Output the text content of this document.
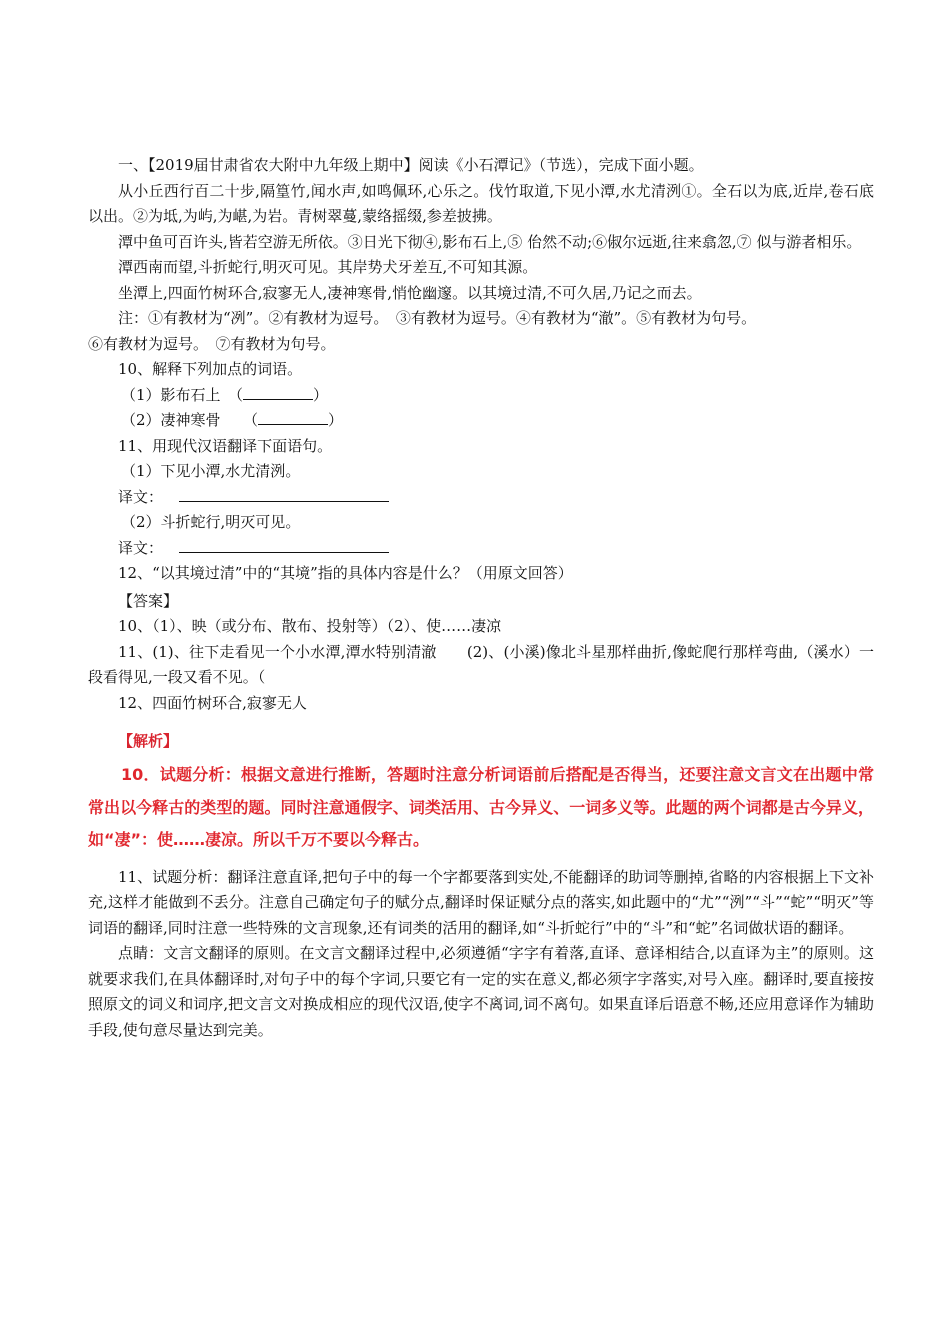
一、【2019届甘肃省农大附中九年级上期中】阅读《小石潭记》（节选），完成下面小题。

从小丘西行百二十步,隔篁竹,闻水声,如鸣佩环,心乐之。伐竹取道,下见小潭,水尤清洌①。全石以为底,近岸,卷石底以出。②为坻,为屿,为嵁,为岩。青树翠蔓,蒙络摇缀,参差披拂。

潭中鱼可百许头,皆若空游无所依。③日光下彻④,影布石上,⑤ 佁然不动;⑥俶尔远逝,往来翕忽,⑦ 似与游者相乐。

潭西南而望,斗折蛇行,明灭可见。其岸势犬牙差互,不可知其源。

坐潭上,四面竹树环合,寂寥无人,凄神寒骨,悄怆幽邃。以其境过清,不可久居,乃记之而去。

注：①有教材为“冽”。②有教材为逗号。　③有教材为逗号。④有教材为“澈”。⑤有教材为句号。

⑥有教材为逗号。　⑦有教材为句号。

10、解释下列加点的词语。

（1）影布石上　（	）

（2）凄神寒骨　　（	）

11、用现代汉语翻译下面语句。

（1）下见小潭,水尤清洌。

译文：

（2）斗折蛇行,明灭可见。

译文：

12、“以其境过清”中的“其境”指的具体内容是什么？（用原文回答）

【答案】

10、（1）、映（或分布、散布、投射等）（2）、使……凄凉

11、(1)、往下走看见一个小水潭,潭水特别清澈　　(2)、(小溪)像北斗星那样曲折,像蛇爬行那样弯曲,（溪水）一段看得见,一段又看不见。（

12、四面竹树环合,寂寥无人

【解析】

10．试题分析：根据文意进行推断，答题时注意分析词语前后搭配是否得当，还要注意文言文在出题中常常出以今释古的类型的题。同时注意通假字、词类活用、古今异义、一词多义等。此题的两个词都是古今异义，如“凄”：使……凄凉。所以千万不要以今释古。

11、试题分析：翻译注意直译,把句子中的每一个字都要落到实处,不能翻译的助词等删掉,省略的内容根据上下文补充,这样才能做到不丢分。注意自己确定句子的赋分点,翻译时保证赋分点的落实,如此题中的“尤”“洌”“斗”“蛇”“明灭”等词语的翻译,同时注意一些特殊的文言现象,还有词类的活用的翻译,如“斗折蛇行”中的“斗”和“蛇”名词做状语的翻译。

点睛：文言文翻译的原则。在文言文翻译过程中,必须遵循“字字有着落,直译、意译相结合,以直译为主”的原则。这就要求我们,在具体翻译时,对句子中的每个字词,只要它有一定的实在意义,都必须字字落实,对号入座。翻译时,要直接按照原文的词义和词序,把文言文对换成相应的现代汉语,使字不离词,词不离句。如果直译后语意不畅,还应用意译作为辅助手段,使句意尽量达到完美。
